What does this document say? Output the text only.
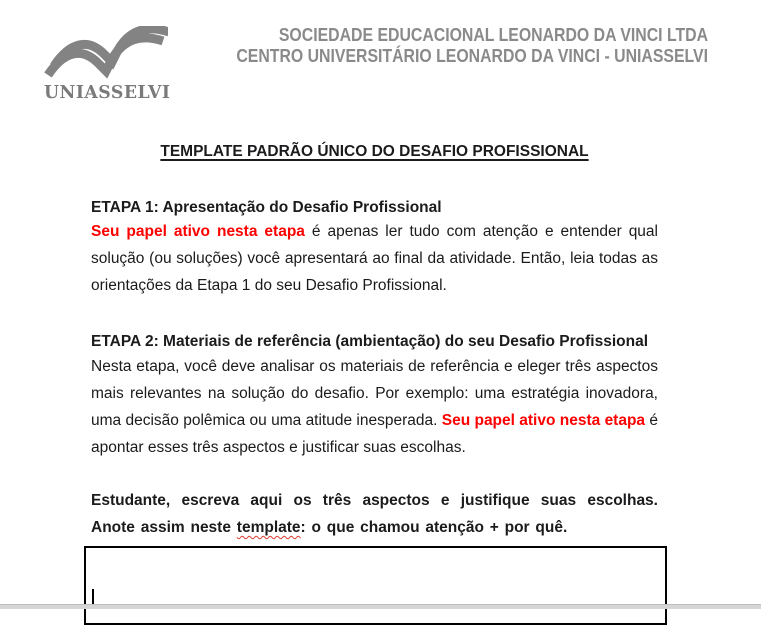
UNIASSELVI
SOCIEDADE EDUCACIONAL LEONARDO DA VINCI LTDA
CENTRO UNIVERSITÁRIO LEONARDO DA VINCI - UNIASSELVI
TEMPLATE PADRÃO ÚNICO DO DESAFIO PROFISSIONAL
ETAPA 1: Apresentação do Desafio Profissional
Seu papel ativo nesta etapa é apenas ler tudo com atenção e entender qual solução (ou soluções) você apresentará ao final da atividade. Então, leia todas as orientações da Etapa 1 do seu Desafio Profissional.
ETAPA 2: Materiais de referência (ambientação) do seu Desafio Profissional
Nesta etapa, você deve analisar os materiais de referência e eleger três aspectos mais relevantes na solução do desafio. Por exemplo: uma estratégia inovadora, uma decisão polêmica ou uma atitude inesperada. Seu papel ativo nesta etapa é apontar esses três aspectos e justificar suas escolhas.
Estudante, escreva aqui os três aspectos e justifique suas escolhas. Anote assim neste template: o que chamou atenção + por quê.
